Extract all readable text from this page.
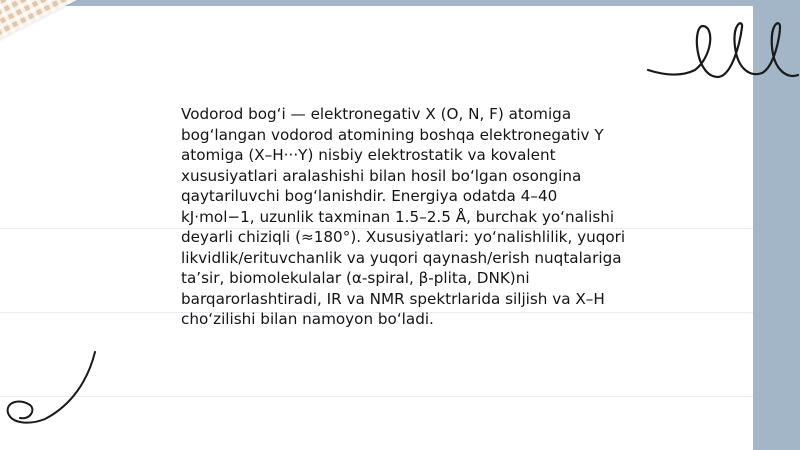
Vodorod bog‘i — elektronegativ X (O, N, F) atomiga bog‘langan vodorod atomining boshqa elektronegativ Y atomiga (X–H···Y) nisbiy elektrostatik va kovalent xususiyatlari aralashishi bilan hosil bo‘lgan osongina qaytariluvchi bog‘lanishdir. Energiya odatda 4–40 kJ·mol−1, uzunlik taxminan 1.5–2.5 Å, burchak yo‘nalishi deyarli chiziqli (≈180°). Xususiyatlari: yo‘nalishlilik, yuqori likvidlik/erituvchanlik va yuqori qaynash/erish nuqtalariga ta’sir, biomolekulalar (α-spiral, β-plita, DNK)ni barqarorlashtiradi, IR va NMR spektrlarida siljish va X–H cho‘zilishi bilan namoyon bo‘ladi.
